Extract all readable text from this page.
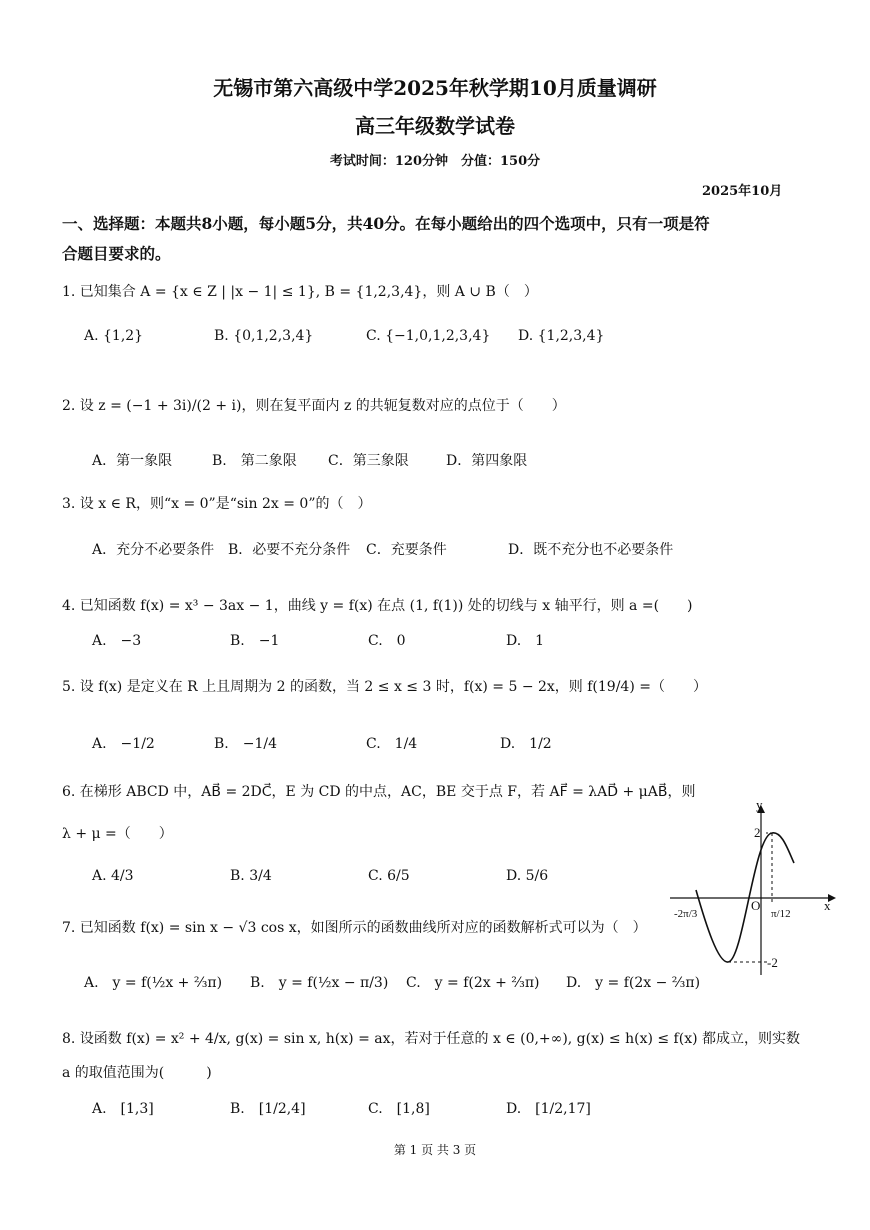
无锡市第六高级中学2025年秋学期10月质量调研
高三年级数学试卷
考试时间：120分钟　分值：150分
2025年10月
一、选择题：本题共8小题，每小题5分，共40分。在每小题给出的四个选项中，只有一项是符
合题目要求的。
1. 已知集合 A = {x ∈ Z | |x − 1| ≤ 1}, B = {1,2,3,4}，则 A ∪ B（　）
A. {1,2}	B. {0,1,2,3,4}	C. {−1,0,1,2,3,4} D. {1,2,3,4}
2. 设 z = (−1 + 3i)/(2 + i)，则在复平面内 z 的共轭复数对应的点位于（　　）
A．第一象限	B.　第二象限 C．第三象限	D．第四象限
3. 设 x ∈ R，则“x = 0”是“sin 2x = 0”的（　）
A．充分不必要条件 B．必要不充分条件 C．充要条件	D．既不充分也不必要条件
4. 已知函数 f(x) = x³ − 3ax − 1，曲线 y = f(x) 在点 (1, f(1)) 处的切线与 x 轴平行，则 a =(　　)
A.　−3	B.　−1	C.　0	D.　1
5. 设 f(x) 是定义在 R 上且周期为 2 的函数，当 2 ≤ x ≤ 3 时，f(x) = 5 − 2x，则 f(19/4) =（　　）
A.　−1/2	B.　−1/4	C.　1/4	D.　1/2
6. 在梯形 ABCD 中，AB⃗ = 2DC⃗，E 为 CD 的中点，AC，BE 交于点 F，若 AF⃗ = λAD⃗ + μAB⃗，则
λ + μ =（　　）
A. 4/3	B. 3/4	C. 6/5	D. 5/6
7. 已知函数 f(x) = sin x − √3 cos x，如图所示的函数曲线所对应的函数解析式可以为（　）
A.　y = f(½x + ⅔π) B.　y = f(½x − π/3) C.　y = f(2x + ⅔π) D.　y = f(2x − ⅔π)
8. 设函数 f(x) = x² + 4/x, g(x) = sin x, h(x) = ax，若对于任意的 x ∈ (0,+∞), g(x) ≤ h(x) ≤ f(x) 都成立，则实数
a 的取值范围为(　　　)
A.　[1,3]	B.　[1/2,4]	C.　[1,8]	D.　[1/2,17]
y
x
O
2
-2
-2π/3	π/12
第 1 页 共 3 页
